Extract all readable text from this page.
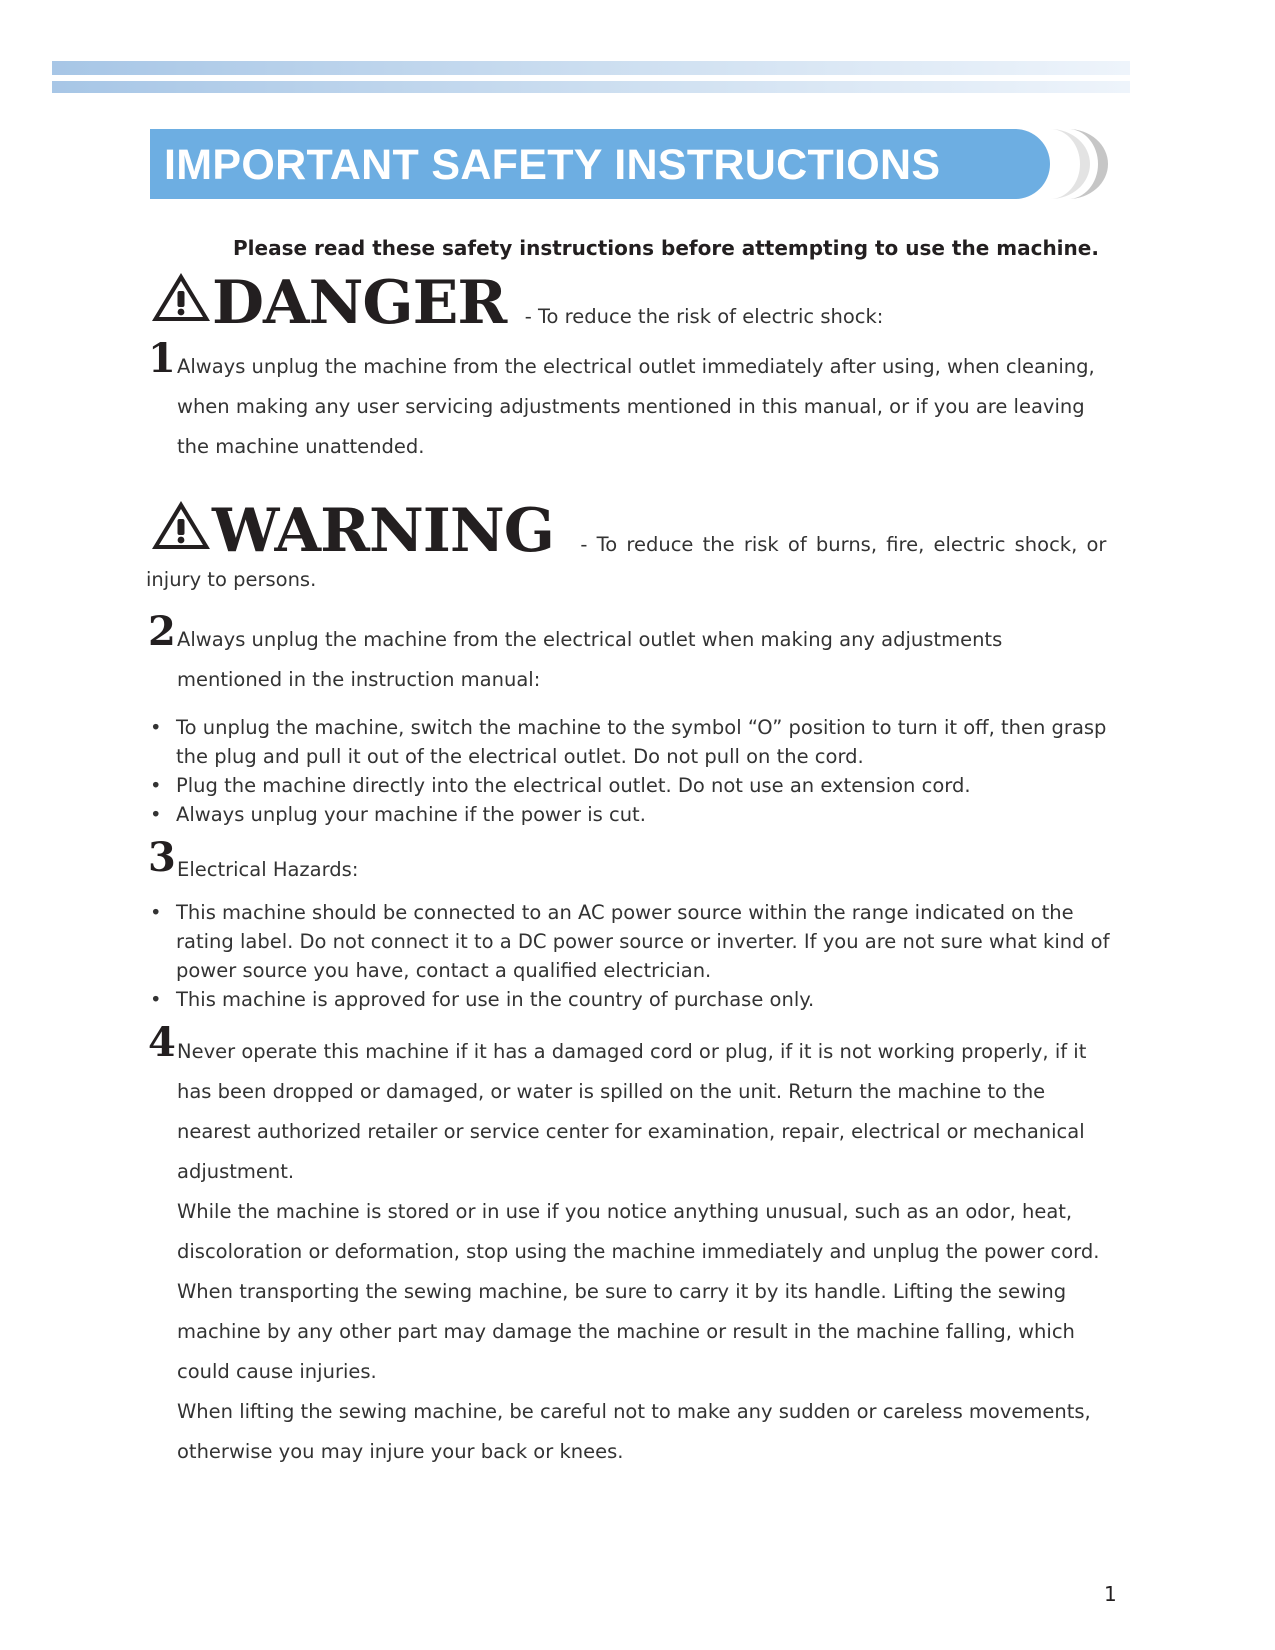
IMPORTANT SAFETY INSTRUCTIONS
Please read these safety instructions before attempting to use the machine.
DANGER - To reduce the risk of electric shock:
1 Always unplug the machine from the electrical outlet immediately after using, when cleaning, when making any user servicing adjustments mentioned in this manual, or if you are leaving the machine unattended.
WARNING - To reduce the risk of burns, fire, electric shock, or
injury to persons.
2 Always unplug the machine from the electrical outlet when making any adjustments mentioned in the instruction manual:
• To unplug the machine, switch the machine to the symbol “O” position to turn it off, then grasp the plug and pull it out of the electrical outlet. Do not pull on the cord.
• Plug the machine directly into the electrical outlet. Do not use an extension cord.
• Always unplug your machine if the power is cut.
3 Electrical Hazards:
• This machine should be connected to an AC power source within the range indicated on the rating label. Do not connect it to a DC power source or inverter. If you are not sure what kind of power source you have, contact a qualified electrician.
• This machine is approved for use in the country of purchase only.
4 Never operate this machine if it has a damaged cord or plug, if it is not working properly, if it has been dropped or damaged, or water is spilled on the unit. Return the machine to the nearest authorized retailer or service center for examination, repair, electrical or mechanical adjustment.
While the machine is stored or in use if you notice anything unusual, such as an odor, heat, discoloration or deformation, stop using the machine immediately and unplug the power cord.
When transporting the sewing machine, be sure to carry it by its handle. Lifting the sewing machine by any other part may damage the machine or result in the machine falling, which could cause injuries.
When lifting the sewing machine, be careful not to make any sudden or careless movements, otherwise you may injure your back or knees.
1
